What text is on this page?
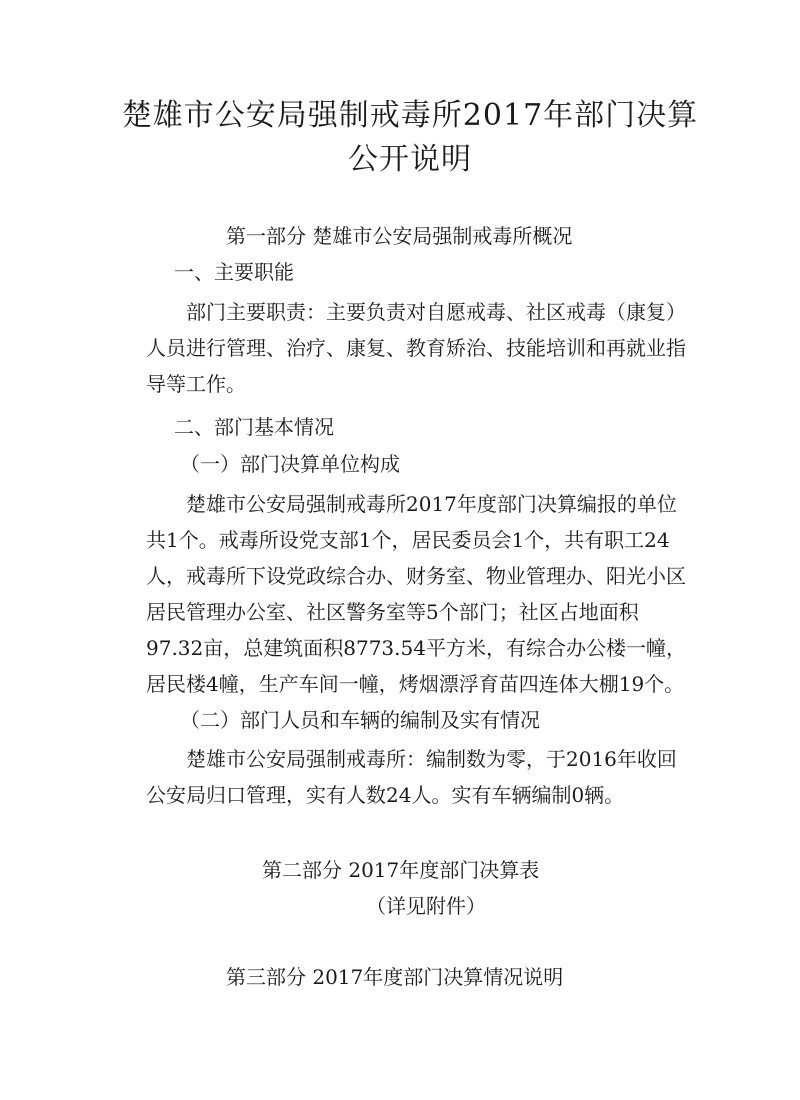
楚雄市公安局强制戒毒所2017年部门决算公开说明
第一部分 楚雄市公安局强制戒毒所概况
一、主要职能
部门主要职责：主要负责对自愿戒毒、社区戒毒（康复）人员进行管理、治疗、康复、教育矫治、技能培训和再就业指导等工作。
二、部门基本情况
（一）部门决算单位构成
楚雄市公安局强制戒毒所2017年度部门决算编报的单位共1个。戒毒所设党支部1个，居民委员会1个，共有职工24人，戒毒所下设党政综合办、财务室、物业管理办、阳光小区居民管理办公室、社区警务室等5个部门；社区占地面积97.32亩，总建筑面积8773.54平方米，有综合办公楼一幢，居民楼4幢，生产车间一幢，烤烟漂浮育苗四连体大棚19个。
（二）部门人员和车辆的编制及实有情况
楚雄市公安局强制戒毒所：编制数为零，于2016年收回公安局归口管理，实有人数24人。实有车辆编制0辆。
第二部分 2017年度部门决算表
（详见附件）
第三部分 2017年度部门决算情况说明
